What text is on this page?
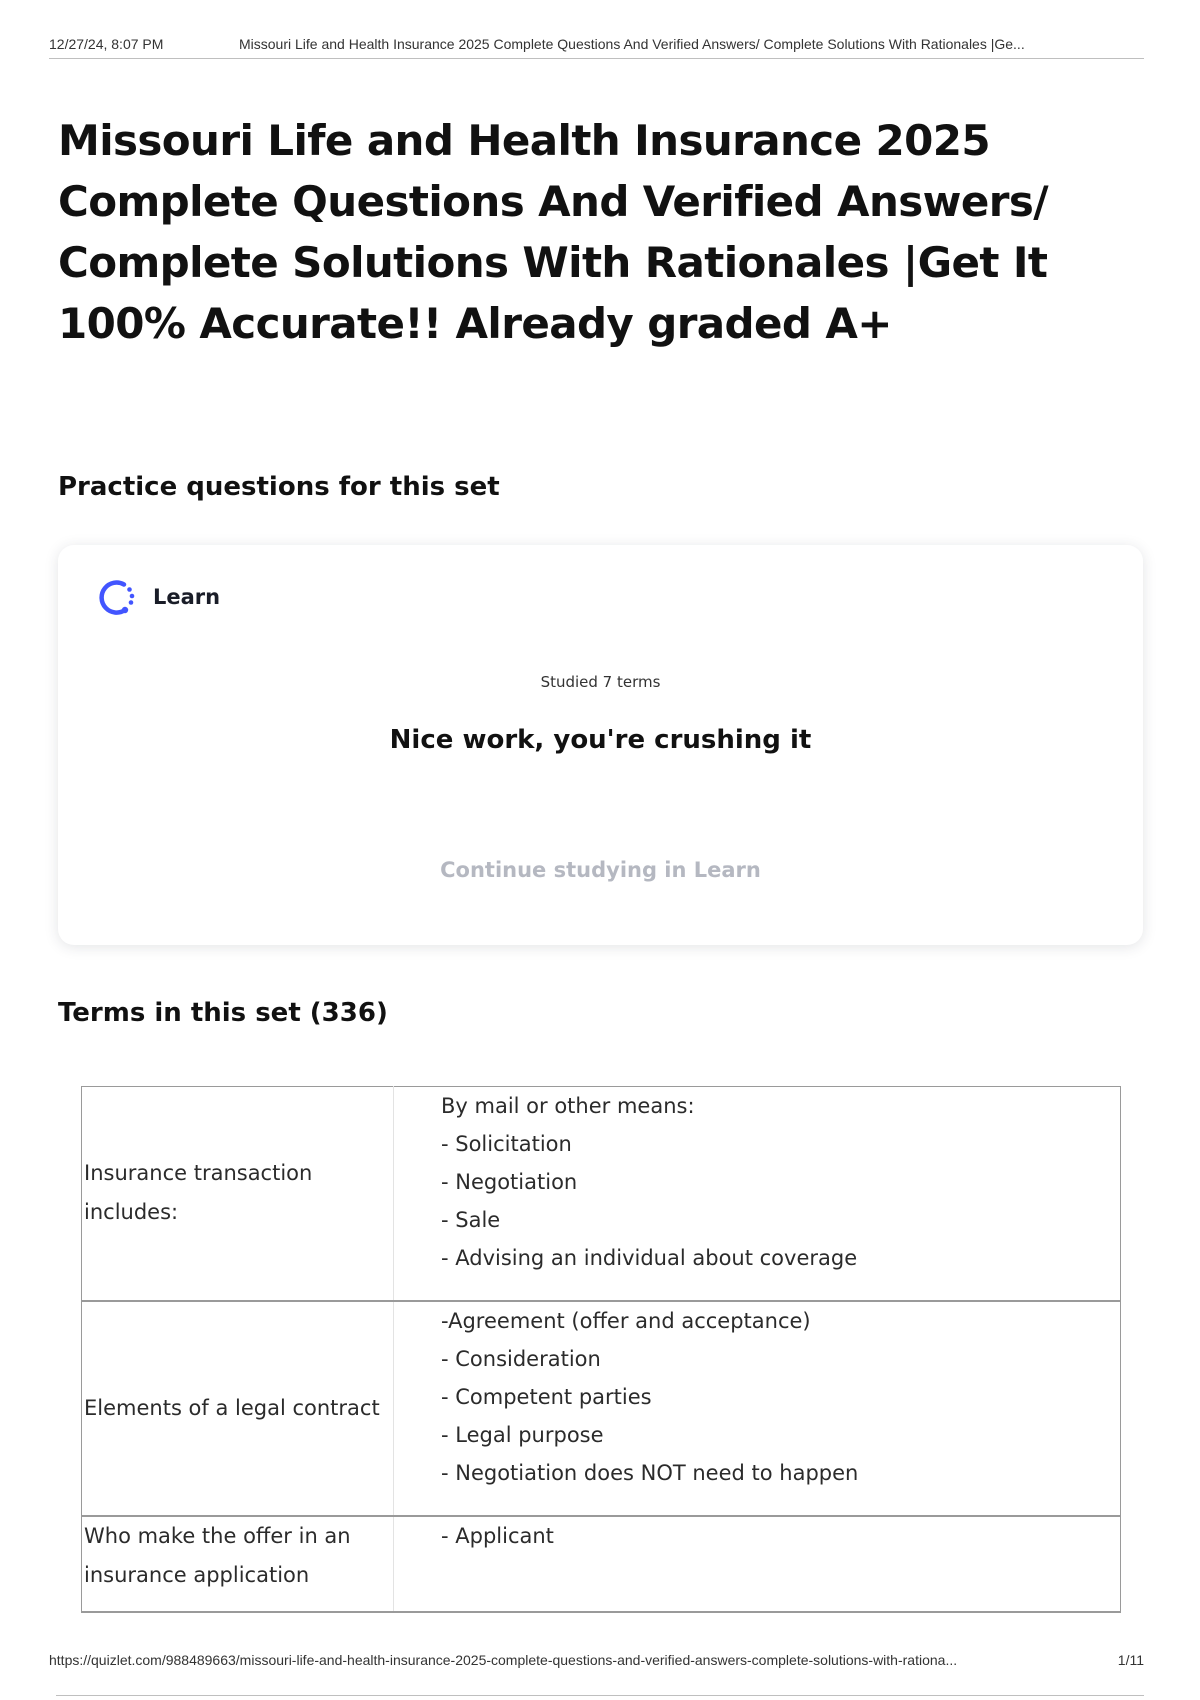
12/27/24, 8:07 PM	Missouri Life and Health Insurance 2025 Complete Questions And Verified Answers/ Complete Solutions With Rationales |Ge...
Missouri Life and Health Insurance 2025 Complete Questions And Verified Answers/ Complete Solutions With Rationales |Get It 100% Accurate!! Already graded A+
Practice questions for this set
Learn
Studied 7 terms
Nice work, you're crushing it
Continue studying in Learn
Terms in this set (336)
Insurance transaction includes:	By mail or other means:
- Solicitation
- Negotiation
- Sale
- Advising an individual about coverage

Elements of a legal contract	-Agreement (offer and acceptance)
- Consideration
- Competent parties
- Legal purpose
- Negotiation does NOT need to happen

Who make the offer in an insurance application	- Applicant
https://quizlet.com/988489663/missouri-life-and-health-insurance-2025-complete-questions-and-verified-answers-complete-solutions-with-rationa...	1/11
